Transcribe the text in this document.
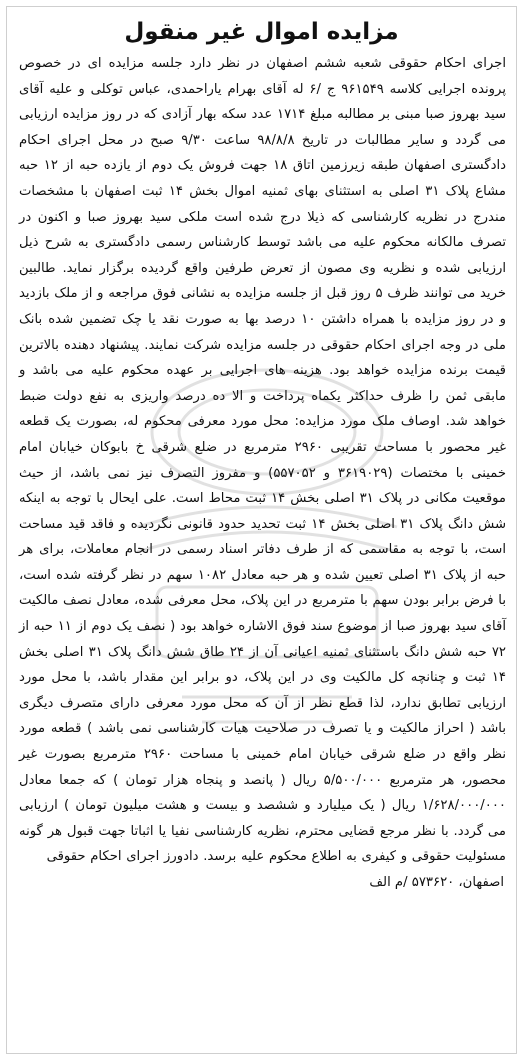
مزایده اموال غیر منقول

اجرای احکام حقوقی شعبه ششم اصفهان در نظر دارد جلسه مزایده ای در خصوص پرونده اجرایی کلاسه ۹۶۱۵۴۹ ج /۶ له آقای بهرام یاراحمدی، عباس توکلی و علیه آقای سید بهروز صبا مبنی بر مطالبه مبلغ ۱۷۱۴ عدد سکه بهار آزادی که در روز مزایده ارزیابی می گردد و سایر مطالبات در تاریخ ۹۸/۸/۸ ساعت ۹/۳۰ صبح در محل اجرای احکام دادگستری اصفهان طبقه زیرزمین اتاق ۱۸ جهت فروش یک دوم از یازده حبه از ۱۲ حبه مشاع پلاک ۳۱ اصلی به استثنای بهای ثمنیه اموال بخش ۱۴ ثبت اصفهان با مشخصات مندرج در نظریه کارشناسی که ذیلا درج شده است ملکی سید بهروز صبا و اکنون در تصرف مالکانه محکوم علیه می باشد توسط کارشناس رسمی دادگستری به شرح ذیل ارزیابی شده و نظریه وی مصون از تعرض طرفین واقع گردیده برگزار نماید. طالبین خرید می توانند ظرف ۵ روز قبل از جلسه مزایده به نشانی فوق مراجعه و از ملک بازدید و در روز مزایده با همراه داشتن ۱۰ درصد بها به صورت نقد یا چک تضمین شده بانک ملی در وجه اجرای احکام حقوقی در جلسه مزایده شرکت نمایند. پیشنهاد دهنده بالاترین قیمت برنده مزایده خواهد بود. هزینه های اجرایی بر عهده محکوم علیه می باشد و مابقی ثمن را ظرف حداکثر یکماه پرداخت و الا ده درصد واریزی به نفع دولت ضبط خواهد شد. اوصاف ملک مورد مزایده: محل مورد معرفی محکوم له، بصورت یک قطعه غیر محصور با مساحت تقریبی ۲۹۶۰ مترمربع در ضلع شرقی خ بابوکان خیابان امام خمینی با مختصات (۳۶۱۹۰۲۹ و ۵۵۷۰۵۲) و مفروز التصرف نیز نمی باشد، از حیث موقعیت مکانی در پلاک ۳۱ اصلی بخش ۱۴ ثبت محاط است. علی ایحال با توجه به اینکه شش دانگ پلاک ۳۱ اصلی بخش ۱۴ ثبت تحدید حدود قانونی نگردیده و فاقد قید مساحت است، با توجه به مقاسمی که از طرف دفاتر اسناد رسمی در انجام معاملات، برای هر حبه از پلاک ۳۱ اصلی تعیین شده و هر حبه معادل ۱۰۸۲ سهم در نظر گرفته شده است، با فرض برابر بودن سهم با مترمربع در این پلاک، محل معرفی شده، معادل نصف مالکیت آقای سید بهروز صبا از موضوع سند فوق الاشاره خواهد بود ( نصف یک دوم از ۱۱ حبه از ۷۲ حبه شش دانگ باستثنای ثمنیه اعیانی آن از ۲۴ طاق شش دانگ پلاک ۳۱ اصلی بخش ۱۴ ثبت و چنانچه کل مالکیت وی در این پلاک، دو برابر این مقدار باشد، با محل مورد ارزیابی تطابق ندارد، لذا قطع نظر از آن که محل مورد معرفی دارای متصرف دیگری باشد ( احراز مالکیت و یا تصرف در صلاحیت هیات کارشناسی نمی باشد ) قطعه مورد نظر واقع در ضلع شرقی خیابان امام خمینی با مساحت ۲۹۶۰ مترمربع بصورت غیر محصور، هر مترمربع ۵/۵۰۰/۰۰۰ ریال ( پانصد و پنجاه هزار تومان ) که جمعا معادل ۱/۶۲۸/۰۰۰/۰۰۰ ریال ( یک میلیارد و ششصد و بیست و هشت میلیون تومان ) ارزیابی می گردد. با نظر مرجع قضایی محترم، نظریه کارشناسی نفیا یا اثباتا جهت قبول هر گونه مسئولیت حقوقی و کیفری به اطلاع محکوم علیه برسد. دادورز اجرای احکام حقوقی

اصفهان، ۵۷۳۶۲۰ /م الف
